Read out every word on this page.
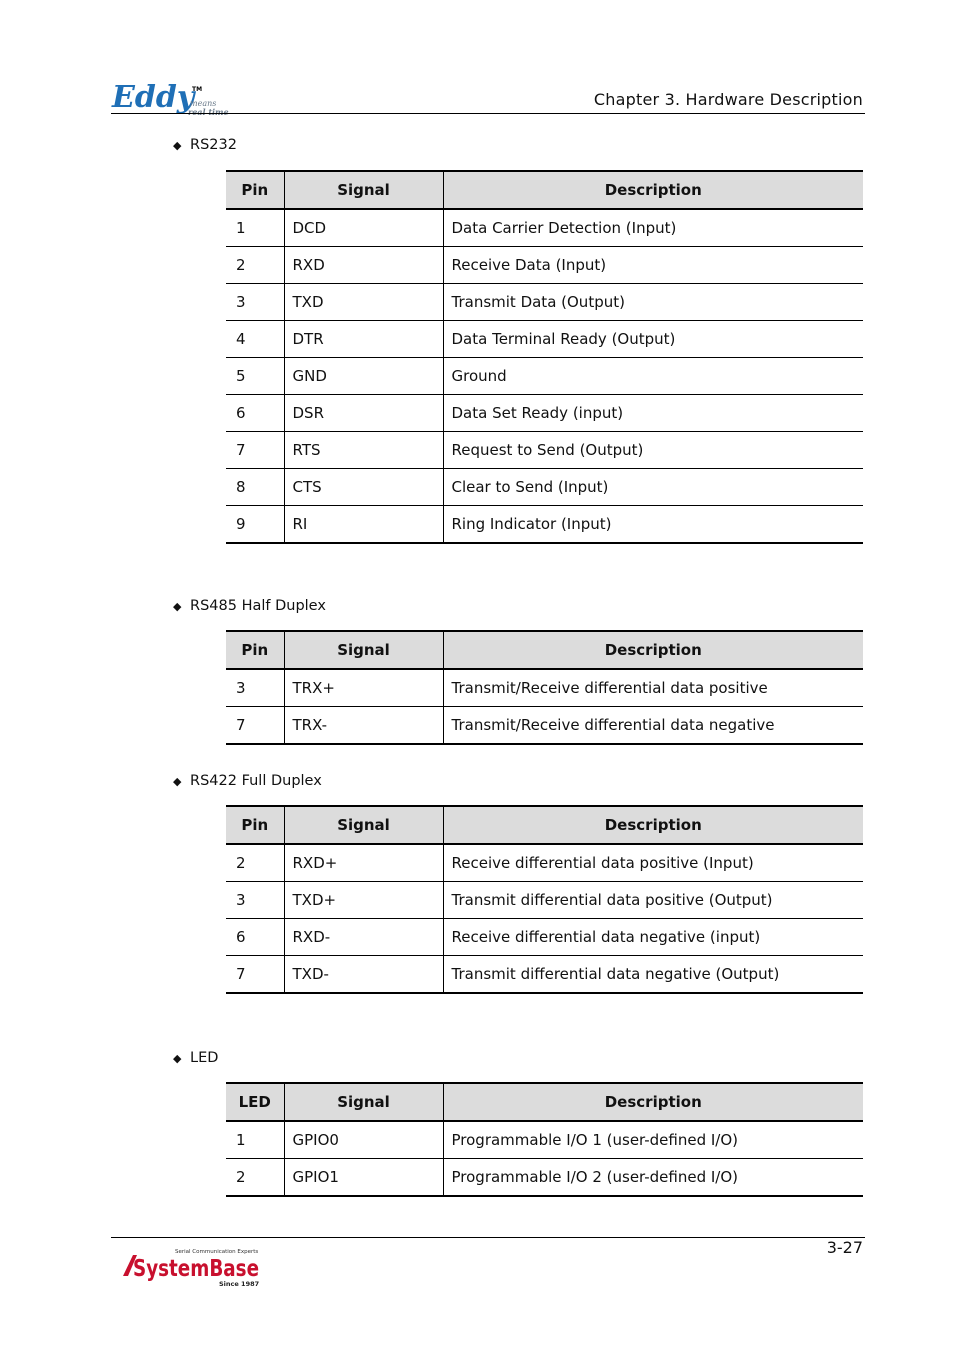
Eddy
TM
means
real time
Chapter 3. Hardware Description
◆ RS232
Pin	Signal	Description
1	DCD	Data Carrier Detection (Input)
2	RXD	Receive Data (Input)
3	TXD	Transmit Data (Output)
4	DTR	Data Terminal Ready (Output)
5	GND	Ground
6	DSR	Data Set Ready (input)
7	RTS	Request to Send (Output)
8	CTS	Clear to Send (Input)
9	RI	Ring Indicator (Input)
◆ RS485 Half Duplex
Pin	Signal	Description
3	TRX+	Transmit/Receive differential data positive
7	TRX-	Transmit/Receive differential data negative
◆ RS422 Full Duplex
Pin	Signal	Description
2	RXD+	Receive differential data positive (Input)
3	TXD+	Transmit differential data positive (Output)
6	RXD-	Receive differential data negative (input)
7	TXD-	Transmit differential data negative (Output)
◆ LED
LED	Signal	Description
1	GPIO0	Programmable I/O 1 (user-defined I/O)
2	GPIO1	Programmable I/O 2 (user-defined I/O)
3-27
Serial Communication Experts
SystemBase
Since 1987
